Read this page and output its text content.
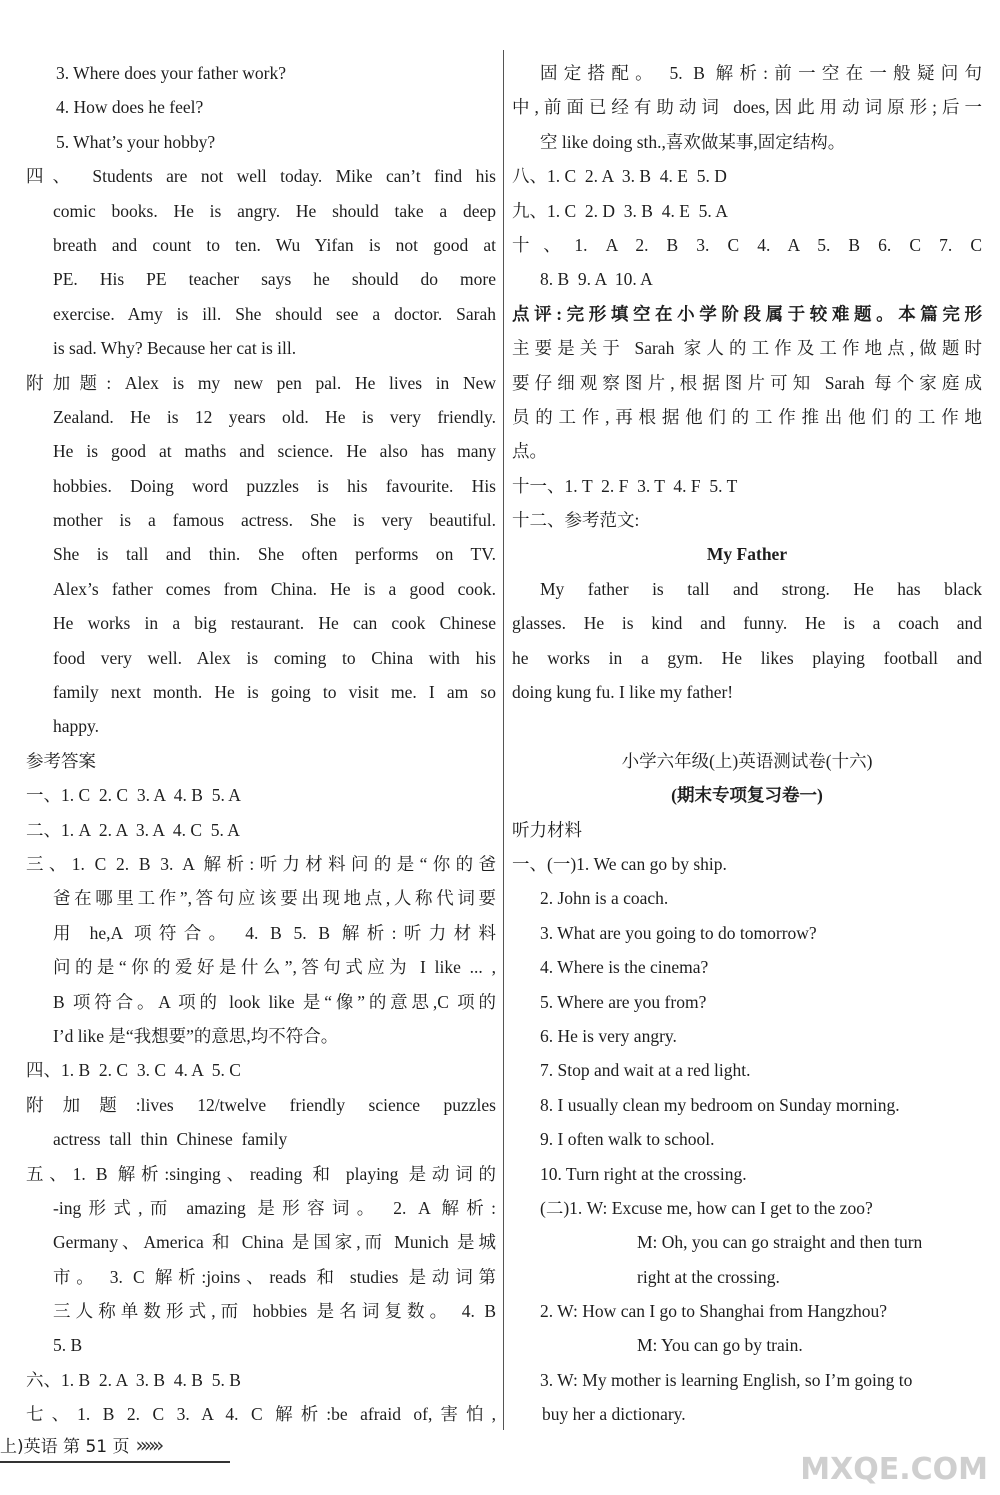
3. Where does your father work?
4. How does he feel?
5. What’s your hobby?
四、 Students are not well today. Mike can’t find his
comic books. He is angry. He should take a deep
breath and count to ten. Wu Yifan is not good at
PE. His PE teacher says he should do more
exercise. Amy is ill. She should see a doctor. Sarah
is sad. Why? Because her cat is ill.
附加题: Alex is my new pen pal. He lives in New
Zealand. He is 12 years old. He is very friendly.
He is good at maths and science. He also has many
hobbies. Doing word puzzles is his favourite. His
mother is a famous actress. She is very beautiful.
She is tall and thin. She often performs on TV.
Alex’s father comes from China. He is a good cook.
He works in a big restaurant. He can cook Chinese
food very well. Alex is coming to China with his
family next month. He is going to visit me. I am so
happy.
参考答案
一、1. C  2. C  3. A  4. B  5. A
二、1. A  2. A  3. A  4. C  5. A
三、1. C 2. B 3. A 解析:听力材料问的是“你的爸
爸在哪里工作”,答句应该要出现地点,人称代词要
用 he,A 项符合。 4. B 5. B 解析:听力材料
问的是“你的爱好是什么”,答句式应为 I like ... ,
B 项符合。A 项的 look like 是“像”的意思,C 项的
I’d like 是“我想要”的意思,均不符合。
四、1. B  2. C  3. C  4. A  5. C
附加题:lives 12/twelve friendly science puzzles
actress  tall  thin  Chinese  family
五、1. B 解析:singing、reading 和 playing 是动词的
-ing形式,而 amazing 是形容词。 2. A 解析:
Germany、America 和 China 是国家,而 Munich 是城
市。 3. C 解析:joins、reads 和 studies 是动词第
三人称单数形式,而 hobbies 是名词复数。 4. B
5. B
六、1. B  2. A  3. B  4. B  5. B
七、1. B 2. C 3. A 4. C 解析:be afraid of,害怕,
固定搭配。 5. B 解析:前一空在一般疑问句
中,前面已经有助动词 does,因此用动词原形;后一
空 like doing sth.,喜欢做某事,固定结构。
八、1. C  2. A  3. B  4. E  5. D
九、1. C  2. D  3. B  4. E  5. A
十、1. A 2. B 3. C 4. A 5. B 6. C 7. C
8. B  9. A  10. A
点评:完形填空在小学阶段属于较难题。本篇完形
主要是关于 Sarah 家人的工作及工作地点,做题时
要仔细观察图片,根据图片可知 Sarah 每个家庭成
员的工作,再根据他们的工作推出他们的工作地
点。
十一、1. T  2. F  3. T  4. F  5. T
十二、参考范文:
My Father
My father is tall and strong. He has black
glasses. He is kind and funny. He is a coach and
he works in a gym. He likes playing football and
doing kung fu. I like my father!
小学六年级(上)英语测试卷(十六)
(期末专项复习卷一)
听力材料
一、(一)1. We can go by ship.
2. John is a coach.
3. What are you going to do tomorrow?
4. Where is the cinema?
5. Where are you from?
6. He is very angry.
7. Stop and wait at a red light.
8. I usually clean my bedroom on Sunday morning.
9. I often walk to school.
10. Turn right at the crossing.
(二)1. W: Excuse me, how can I get to the zoo?
M: Oh, you can go straight and then turn
right at the crossing.
2. W: How can I go to Shanghai from Hangzhou?
M: You can go by train.
3. W: My mother is learning English, so I’m going to
buy her a dictionary.
上)英语 第 51 页 »»»
MXQE.COM
